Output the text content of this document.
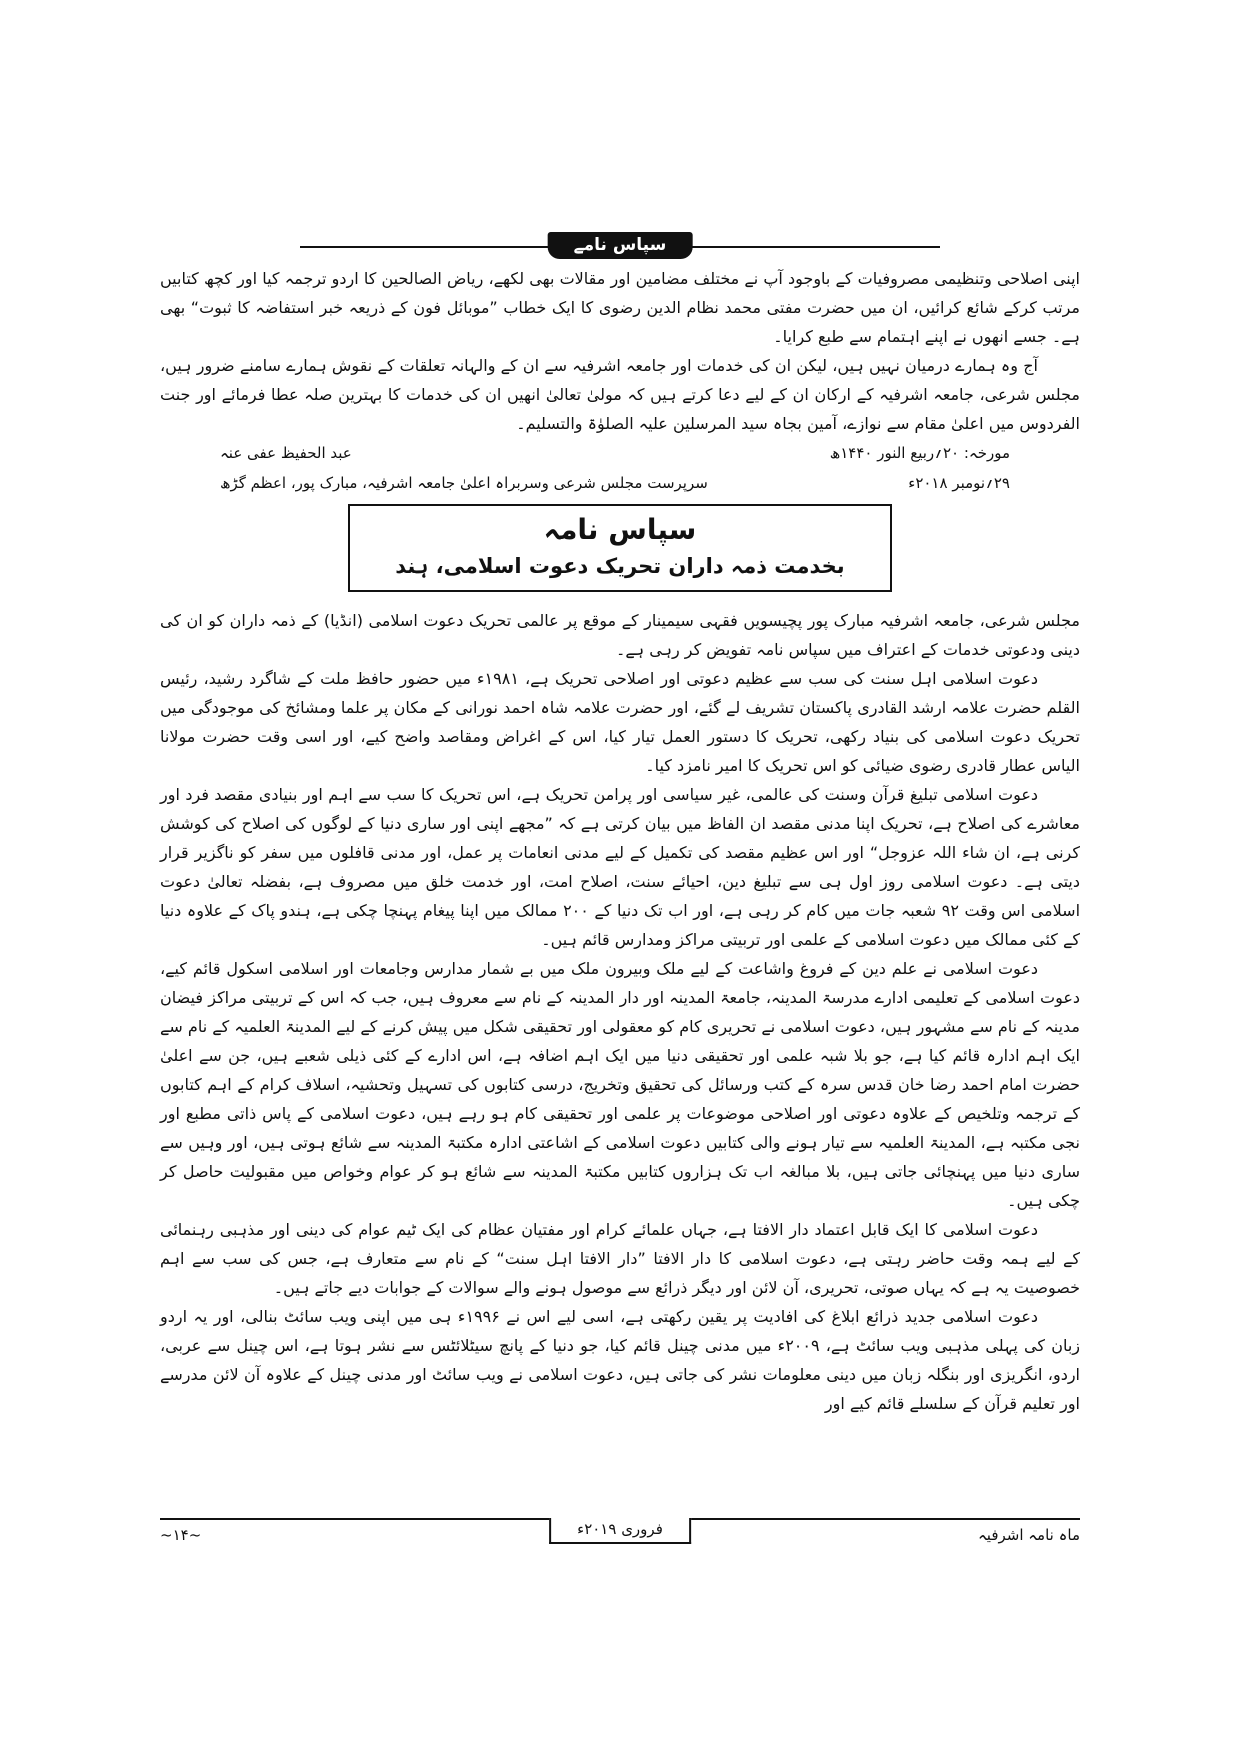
سپاس نامے

اپنی اصلاحی وتنظیمی مصروفیات کے باوجود آپ نے مختلف مضامین اور مقالات بھی لکھے، ریاض الصالحین کا اردو ترجمہ کیا اور کچھ کتابیں مرتب کرکے شائع کرائیں، ان میں حضرت مفتی محمد نظام الدین رضوی کا ایک خطاب ”موبائل فون کے ذریعہ خبر استفاضہ کا ثبوت“ بھی ہے۔ جسے انھوں نے اپنے اہتمام سے طبع کرایا۔

آج وہ ہمارے درمیان نہیں ہیں، لیکن ان کی خدمات اور جامعہ اشرفیہ سے ان کے والہانہ تعلقات کے نقوش ہمارے سامنے ضرور ہیں، مجلس شرعی، جامعہ اشرفیہ کے ارکان ان کے لیے دعا کرتے ہیں کہ مولیٰ تعالیٰ انھیں ان کی خدمات کا بہترین صلہ عطا فرمائے اور جنت الفردوس میں اعلیٰ مقام سے نوازے، آمین بجاہ سید المرسلین علیہ الصلوٰۃ والتسلیم۔

مورخہ: ۲۰؍ربیع النور ۱۴۴۰ھ
عبد الحفیظ عفی عنہ
۲۹؍نومبر ۲۰۱۸ء
سرپرست مجلس شرعی وسربراہ اعلیٰ جامعہ اشرفیہ، مبارک پور، اعظم گڑھ
سپاس نامہ
بخدمت ذمہ داران تحریک دعوت اسلامی، ہند

مجلس شرعی، جامعہ اشرفیہ مبارک پور پچیسویں فقہی سیمینار کے موقع پر عالمی تحریک دعوت اسلامی (انڈیا) کے ذمہ داران کو ان کی دینی ودعوتی خدمات کے اعتراف میں سپاس نامہ تفویض کر رہی ہے۔

دعوت اسلامی اہل سنت کی سب سے عظیم دعوتی اور اصلاحی تحریک ہے، ۱۹۸۱ء میں حضور حافظ ملت کے شاگرد رشید، رئیس القلم حضرت علامہ ارشد القادری پاکستان تشریف لے گئے، اور حضرت علامہ شاہ احمد نورانی کے مکان پر علما ومشائخ کی موجودگی میں تحریک دعوت اسلامی کی بنیاد رکھی، تحریک کا دستور العمل تیار کیا، اس کے اغراض ومقاصد واضح کیے، اور اسی وقت حضرت مولانا الیاس عطار قادری رضوی ضیائی کو اس تحریک کا امیر نامزد کیا۔

دعوت اسلامی تبلیغ قرآن وسنت کی عالمی، غیر سیاسی اور پرامن تحریک ہے، اس تحریک کا سب سے اہم اور بنیادی مقصد فرد اور معاشرے کی اصلاح ہے، تحریک اپنا مدنی مقصد ان الفاظ میں بیان کرتی ہے کہ ”مجھے اپنی اور ساری دنیا کے لوگوں کی اصلاح کی کوشش کرنی ہے، ان شاء اللہ عزوجل“ اور اس عظیم مقصد کی تکمیل کے لیے مدنی انعامات پر عمل، اور مدنی قافلوں میں سفر کو ناگزیر قرار دیتی ہے۔ دعوت اسلامی روز اول ہی سے تبلیغ دین، احیائے سنت، اصلاح امت، اور خدمت خلق میں مصروف ہے، بفضلہ تعالیٰ دعوت اسلامی اس وقت ۹۲ شعبہ جات میں کام کر رہی ہے، اور اب تک دنیا کے ۲۰۰ ممالک میں اپنا پیغام پہنچا چکی ہے، ہندو پاک کے علاوہ دنیا کے کئی ممالک میں دعوت اسلامی کے علمی اور تربیتی مراکز ومدارس قائم ہیں۔

دعوت اسلامی نے علم دین کے فروغ واشاعت کے لیے ملک وبیرون ملک میں بے شمار مدارس وجامعات اور اسلامی اسکول قائم کیے، دعوت اسلامی کے تعلیمی ادارے مدرسۃ المدینہ، جامعۃ المدینہ اور دار المدینہ کے نام سے معروف ہیں، جب کہ اس کے تربیتی مراکز فیضان مدینہ کے نام سے مشہور ہیں، دعوت اسلامی نے تحریری کام کو معقولی اور تحقیقی شکل میں پیش کرنے کے لیے المدینۃ العلمیہ کے نام سے ایک اہم ادارہ قائم کیا ہے، جو بلا شبہ علمی اور تحقیقی دنیا میں ایک اہم اضافہ ہے، اس ادارے کے کئی ذیلی شعبے ہیں، جن سے اعلیٰ حضرت امام احمد رضا خان قدس سرہ کے کتب ورسائل کی تحقیق وتخریج، درسی کتابوں کی تسہیل وتحشیہ، اسلاف کرام کے اہم کتابوں کے ترجمہ وتلخیص کے علاوہ دعوتی اور اصلاحی موضوعات پر علمی اور تحقیقی کام ہو رہے ہیں، دعوت اسلامی کے پاس ذاتی مطبع اور نجی مکتبہ ہے، المدینۃ العلمیہ سے تیار ہونے والی کتابیں دعوت اسلامی کے اشاعتی ادارہ مکتبۃ المدینہ سے شائع ہوتی ہیں، اور وہیں سے ساری دنیا میں پہنچائی جاتی ہیں، بلا مبالغہ اب تک ہزاروں کتابیں مکتبۃ المدینہ سے شائع ہو کر عوام وخواص میں مقبولیت حاصل کر چکی ہیں۔

دعوت اسلامی کا ایک قابل اعتماد دار الافتا ہے، جہاں علمائے کرام اور مفتیان عظام کی ایک ٹیم عوام کی دینی اور مذہبی رہنمائی کے لیے ہمہ وقت حاضر رہتی ہے، دعوت اسلامی کا دار الافتا ”دار الافتا اہل سنت“ کے نام سے متعارف ہے، جس کی سب سے اہم خصوصیت یہ ہے کہ یہاں صوتی، تحریری، آن لائن اور دیگر ذرائع سے موصول ہونے والے سوالات کے جوابات دیے جاتے ہیں۔

دعوت اسلامی جدید ذرائع ابلاغ کی افادیت پر یقین رکھتی ہے، اسی لیے اس نے ۱۹۹۶ء ہی میں اپنی ویب سائٹ بنالی، اور یہ اردو زبان کی پہلی مذہبی ویب سائٹ ہے، ۲۰۰۹ء میں مدنی چینل قائم کیا، جو دنیا کے پانچ سیٹلائٹس سے نشر ہوتا ہے، اس چینل سے عربی، اردو، انگریزی اور بنگلہ زبان میں دینی معلومات نشر کی جاتی ہیں، دعوت اسلامی نے ویب سائٹ اور مدنی چینل کے علاوہ آن لائن مدرسے اور تعلیم قرآن کے سلسلے قائم کیے اور

ماہ نامہ اشرفیہ
فروری ۲۰۱۹ء
~۱۴~
